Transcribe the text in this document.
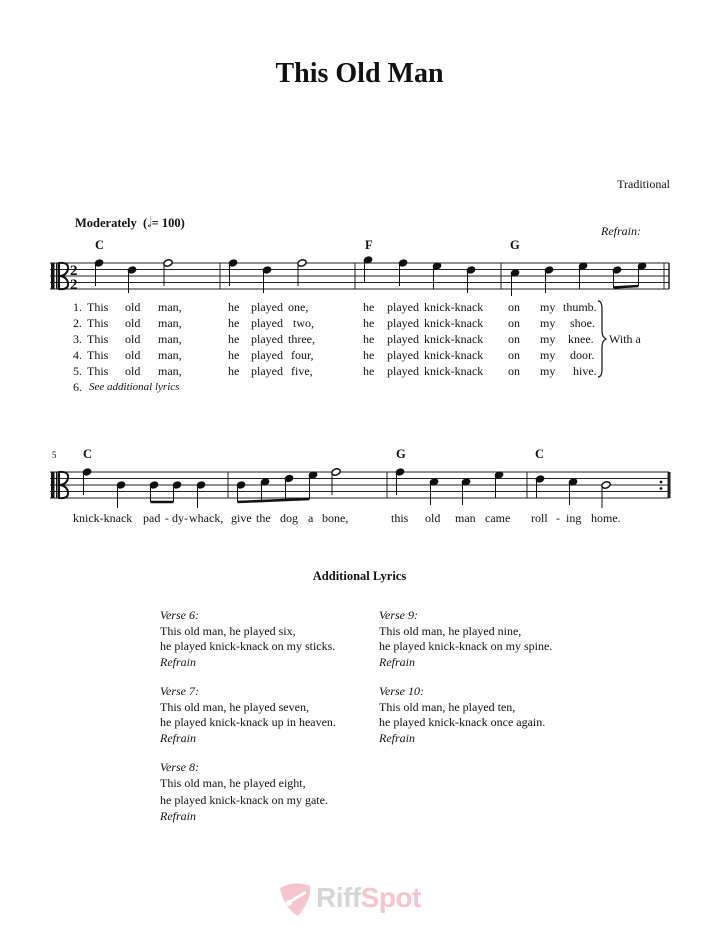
This Old Man
Traditional
Moderately  (𝅗𝅥= 100)
Refrain:
C	F	G
2
2
1. This old man,	he played one,	he played knick-knack on my thumb.
2. This old man,	he played two,	he played knick-knack on my shoe.
3. This old man,	he played three,	he played knick-knack on my knee.
4. This old man,	he played four,	he played knick-knack on my door.
5. This old man,	he played five,	he played knick-knack on my hive.
6. See additional lyrics
With a
5 C	G	C
knick-knack pad - dy- whack, give the dog a bone,	this old man came roll - ing home.
Additional Lyrics
Verse 6:
This old man, he played six,
he played knick-knack on my sticks.
Refrain
Verse 7:
This old man, he played seven,
he played knick-knack up in heaven.
Refrain
Verse 8:
This old man, he played eight,
he played knick-knack on my gate.
Refrain
Verse 9:
This old man, he played nine,
he played knick-knack on my spine.
Refrain
Verse 10:
This old man, he played ten,
he played knick-knack once again.
Refrain
RiffSpot
